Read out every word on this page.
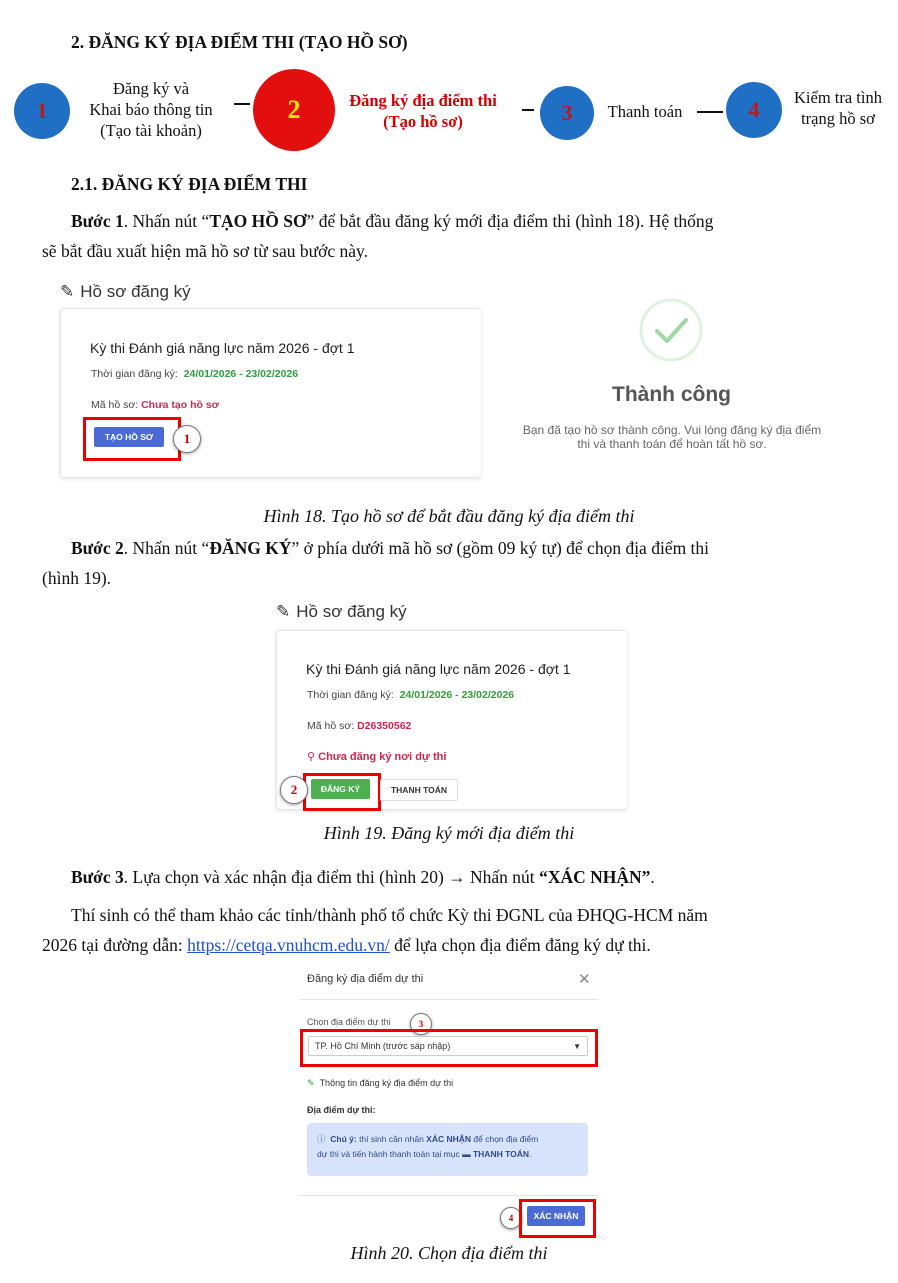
2. ĐĂNG KÝ ĐỊA ĐIỂM THI (TẠO HỒ SƠ)
1
Đăng ký và
Khai báo thông tin
(Tạo tài khoản)
2	Đăng ký địa điểm thi
(Tạo hồ sơ)	3	Thanh toán	4	Kiểm tra tình
trạng hồ sơ
2.1. ĐĂNG KÝ ĐỊA ĐIỂM THI
Bước 1. Nhấn nút “TẠO HỒ SƠ” để bắt đầu đăng ký mới địa điểm thi (hình 18). Hệ thống
sẽ bắt đầu xuất hiện mã hồ sơ từ sau bước này.
✎ Hồ sơ đăng ký
Kỳ thi Đánh giá năng lực năm 2026 - đợt 1
Thời gian đăng ký: 24/01/2026 - 23/02/2026
Mã hồ sơ: Chưa tạo hồ sơ
TẠO HỒ SƠ	1
Thành công
Bạn đã tạo hồ sơ thành công. Vui lòng đăng ký địa điểm
thi và thanh toán để hoàn tất hồ sơ.
Hình 18. Tạo hồ sơ để bắt đầu đăng ký địa điểm thi
Bước 2. Nhấn nút “ĐĂNG KÝ” ở phía dưới mã hồ sơ (gồm 09 ký tự) để chọn địa điểm thi
(hình 19).
✎ Hồ sơ đăng ký
Kỳ thi Đánh giá năng lực năm 2026 - đợt 1
Thời gian đăng ký: 24/01/2026 - 23/02/2026
Mã hồ sơ: D26350562
⚲ Chưa đăng ký nơi dự thi
ĐĂNG KÝ	THANH TOÁN
2
Hình 19. Đăng ký mới địa điểm thi
Bước 3. Lựa chọn và xác nhận địa điểm thi (hình 20) → Nhấn nút “XÁC NHẬN”.
Thí sinh có thể tham khảo các tỉnh/thành phố tổ chức Kỳ thi ĐGNL của ĐHQG-HCM năm
2026 tại đường dẫn: https://cetqa.vnuhcm.edu.vn/ để lựa chọn địa điểm đăng ký dự thi.
Đăng ký địa điểm dự thi	✕
Chọn địa điểm dự thi	3
TP. Hồ Chí Minh (trước sáp nhập)	▼
✎ Thông tin đăng ký địa điểm dự thi
Địa điểm dự thi:
ⓘ Chú ý: thí sinh cần nhấn XÁC NHẬN để chọn địa điểm
dự thi và tiến hành thanh toán tại mục ▬ THANH TOÁN.
4	XÁC NHẬN
Hình 20. Chọn địa điểm thi
